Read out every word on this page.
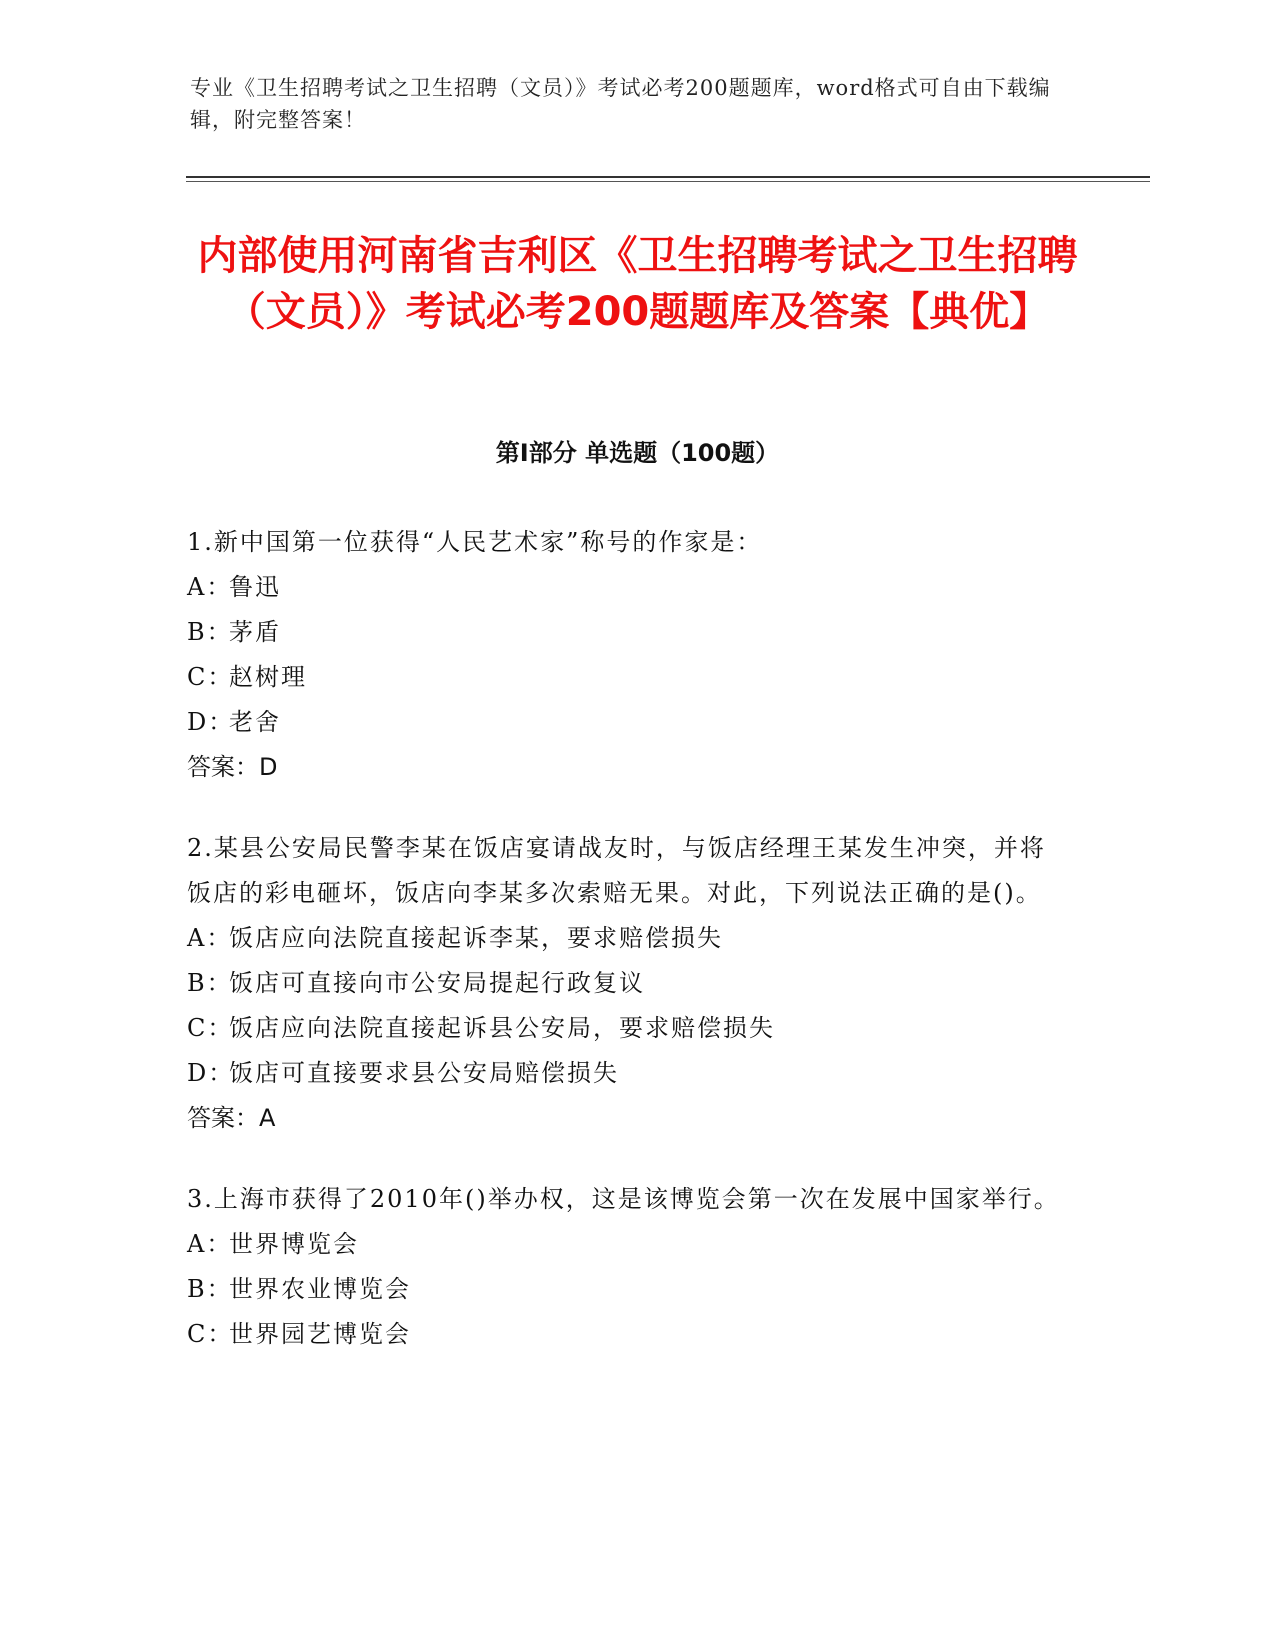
专业《卫生招聘考试之卫生招聘（文员）》考试必考200题题库，word格式可自由下载编辑，附完整答案！
内部使用河南省吉利区《卫生招聘考试之卫生招聘（文员）》考试必考200题题库及答案【典优】
第Ⅰ部分 单选题（100题）
1.新中国第一位获得“人民艺术家”称号的作家是：
A：鲁迅
B：茅盾
C：赵树理
D：老舍
答案：D
2.某县公安局民警李某在饭店宴请战友时，与饭店经理王某发生冲突，并将饭店的彩电砸坏，饭店向李某多次索赔无果。对此，下列说法正确的是()。
A：饭店应向法院直接起诉李某，要求赔偿损失
B：饭店可直接向市公安局提起行政复议
C：饭店应向法院直接起诉县公安局，要求赔偿损失
D：饭店可直接要求县公安局赔偿损失
答案：A
3.上海市获得了2010年()举办权，这是该博览会第一次在发展中国家举行。
A：世界博览会
B：世界农业博览会
C：世界园艺博览会
